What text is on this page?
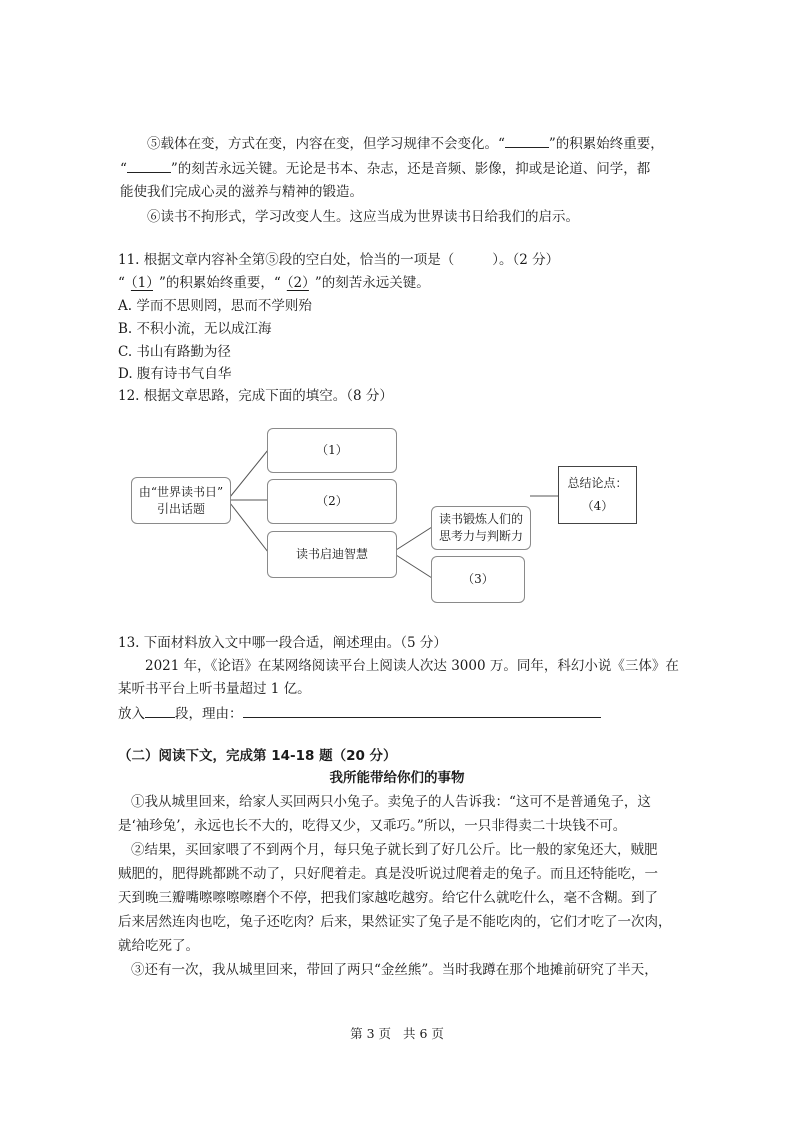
⑤载体在变，方式在变，内容在变，但学习规律不会变化。“	”的积累始终重要，
“	”的刻苦永远关键。无论是书本、杂志，还是音频、影像，抑或是论道、问学，都
能使我们完成心灵的滋养与精神的锻造。
⑥读书不拘形式，学习改变人生。这应当成为世界读书日给我们的启示。
11. 根据文章内容补全第⑤段的空白处，恰当的一项是（	）。（2 分）
“ （1） ”的积累始终重要，“ （2） ”的刻苦永远关键。
A. 学而不思则罔，思而不学则殆
B. 不积小流，无以成江海
C. 书山有路勤为径
D. 腹有诗书气自华
12. 根据文章思路，完成下面的填空。（8 分）
由“世界读书日”
引出话题
（1）
（2）
读书启迪智慧
读书锻炼人们的
思考力与判断力
（3）
总结论点：
（4）
13. 下面材料放入文中哪一段合适，阐述理由。（5 分）
2021 年，《论语》在某网络阅读平台上阅读人次达 3000 万。同年，科幻小说《三体》在
某听书平台上听书量超过 1 亿。
放入 段，理由：
（二）阅读下文，完成第 14-18 题（20 分）
我所能带给你们的事物
①我从城里回来，给家人买回两只小兔子。卖兔子的人告诉我：“这可不是普通兔子，这
是‘袖珍兔’，永远也长不大的，吃得又少，又乖巧。”所以，一只非得卖二十块钱不可。
②结果，买回家喂了不到两个月，每只兔子就长到了好几公斤。比一般的家兔还大，贼肥
贼肥的，肥得跳都跳不动了，只好爬着走。真是没听说过爬着走的兔子。而且还特能吃，一
天到晚三瓣嘴嚓嚓嚓嚓磨个不停，把我们家越吃越穷。给它什么就吃什么，毫不含糊。到了
后来居然连肉也吃，兔子还吃肉？后来，果然证实了兔子是不能吃肉的，它们才吃了一次肉，
就给吃死了。
③还有一次，我从城里回来，带回了两只“金丝熊”。当时我蹲在那个地摊前研究了半天，
第 3 页 共 6 页
